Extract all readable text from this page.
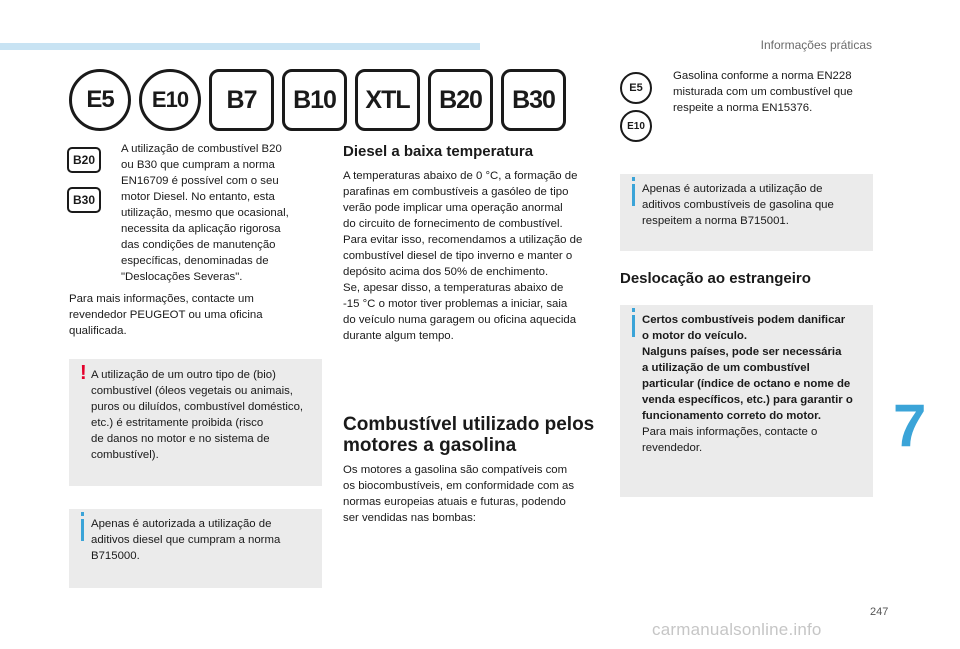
Informações práticas
E5	E10	B7	B10	XTL	B20	B30
B20
B30
A utilização de combustível B20
ou B30 que cumpram a norma
EN16709 é possível com o seu
motor Diesel. No entanto, esta
utilização, mesmo que ocasional,
necessita da aplicação rigorosa
das condições de manutenção
específicas, denominadas de
"Deslocações Severas".
Para mais informações, contacte um
revendedor PEUGEOT ou uma oficina
qualificada.
! A utilização de um outro tipo de (bio)
combustível (óleos vegetais ou animais,
puros ou diluídos, combustível doméstico,
etc.) é estritamente proibida (risco
de danos no motor e no sistema de
combustível).
Apenas é autorizada a utilização de
aditivos diesel que cumpram a norma
B715000.
Diesel a baixa temperatura
A temperaturas abaixo de 0 °C, a formação de
parafinas em combustíveis a gasóleo de tipo
verão pode implicar uma operação anormal
do circuito de fornecimento de combustível.
Para evitar isso, recomendamos a utilização de
combustível diesel de tipo inverno e manter o
depósito acima dos 50% de enchimento.
Se, apesar disso, a temperaturas abaixo de
-15 °C o motor tiver problemas a iniciar, saia
do veículo numa garagem ou oficina aquecida
durante algum tempo.
Combustível utilizado pelos
motores a gasolina
Os motores a gasolina são compatíveis com
os biocombustíveis, em conformidade com as
normas europeias atuais e futuras, podendo
ser vendidas nas bombas:
E5
E10
Gasolina conforme a norma EN228
misturada com um combustível que
respeite a norma EN15376.
Apenas é autorizada a utilização de
aditivos combustíveis de gasolina que
respeitem a norma B715001.
Deslocação ao estrangeiro
Certos combustíveis podem danificar
o motor do veículo.
Nalguns países, pode ser necessária
a utilização de um combustível
particular (índice de octano e nome de
venda específicos, etc.) para garantir o
funcionamento correto do motor.
Para mais informações, contacte o
revendedor.	7
247
carmanualsonline.info
